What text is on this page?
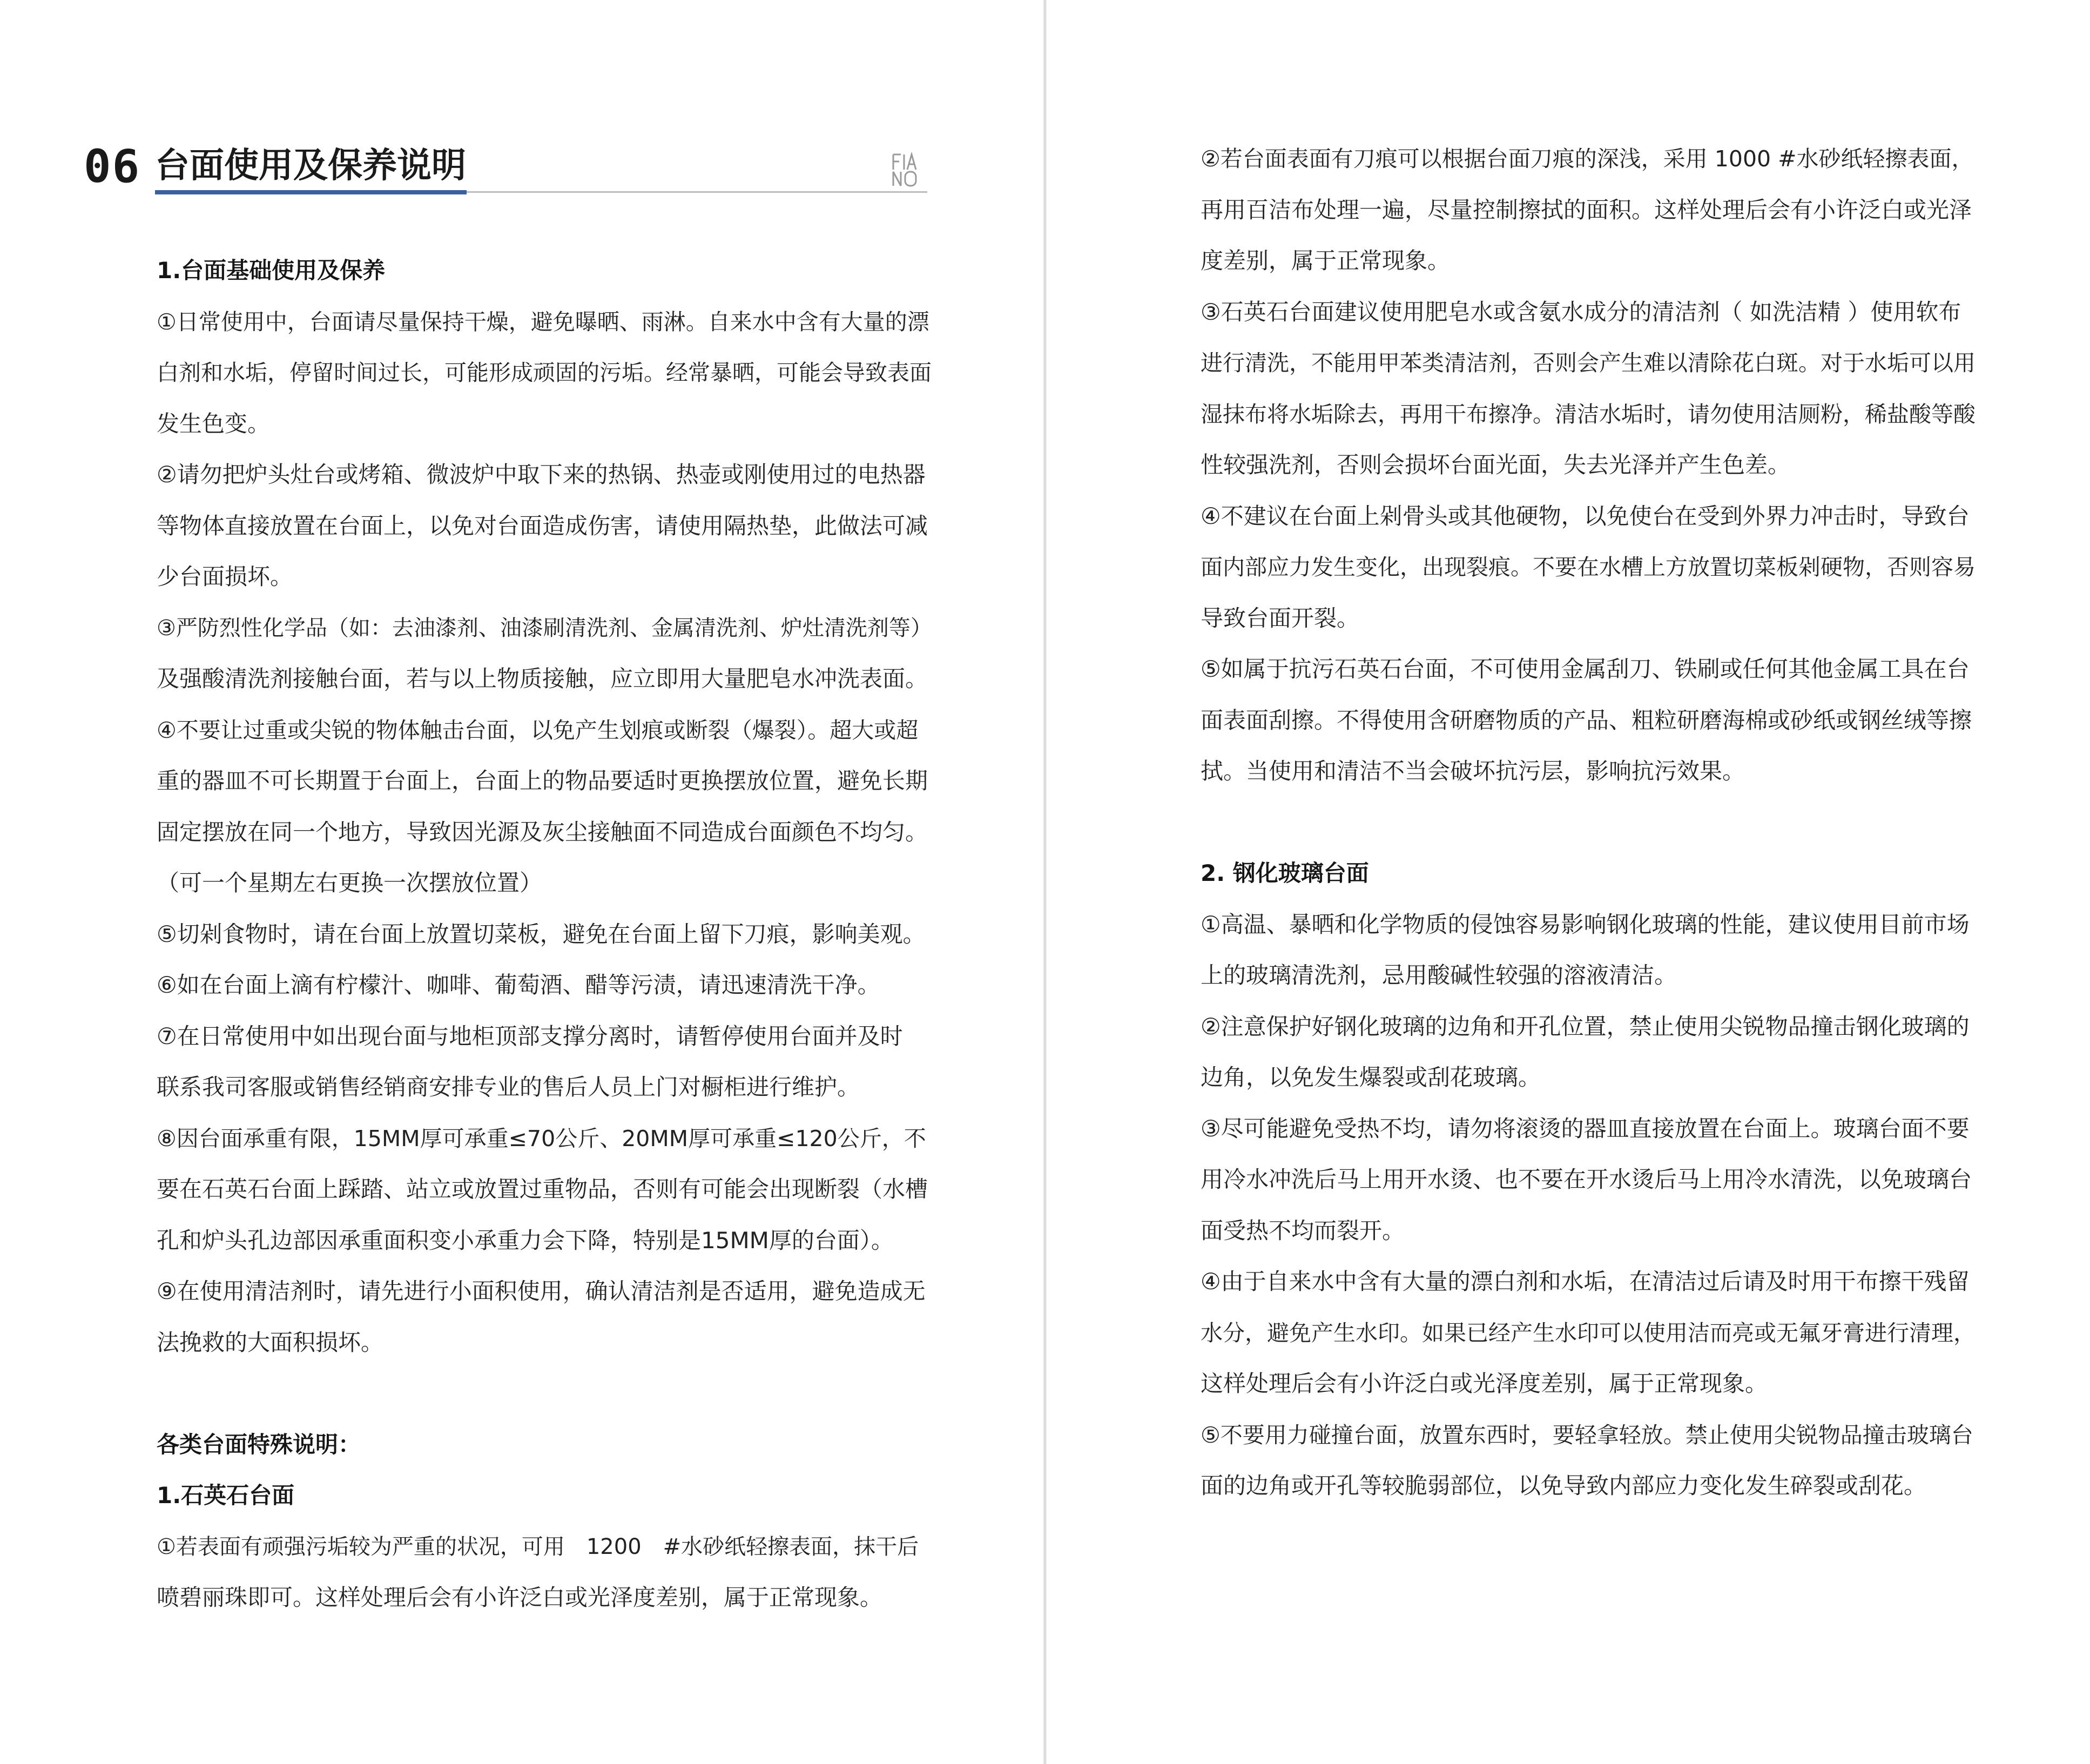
06 台面使用及保养说明
1.台面基础使用及保养
①日常使用中，台面请尽量保持干燥，避免曝晒、雨淋。自来水中含有大量的漂
白剂和水垢，停留时间过长，可能形成顽固的污垢。经常暴晒，可能会导致表面
发生色变。
②请勿把炉头灶台或烤箱、微波炉中取下来的热锅、热壶或刚使用过的电热器
等物体直接放置在台面上，以免对台面造成伤害，请使用隔热垫，此做法可减
少台面损坏。
③严防烈性化学品（如：去油漆剂、油漆刷清洗剂、金属清洗剂、炉灶清洗剂等）
及强酸清洗剂接触台面，若与以上物质接触，应立即用大量肥皂水冲洗表面。
④不要让过重或尖锐的物体触击台面，以免产生划痕或断裂（爆裂）。超大或超
重的器皿不可长期置于台面上，台面上的物品要适时更换摆放位置，避免长期
固定摆放在同一个地方，导致因光源及灰尘接触面不同造成台面颜色不均匀。
（可一个星期左右更换一次摆放位置）
⑤切剁食物时，请在台面上放置切菜板，避免在台面上留下刀痕，影响美观。
⑥如在台面上滴有柠檬汁、咖啡、葡萄酒、醋等污渍，请迅速清洗干净。
⑦在日常使用中如出现台面与地柜顶部支撑分离时，请暂停使用台面并及时
联系我司客服或销售经销商安排专业的售后人员上门对橱柜进行维护。
⑧因台面承重有限，15MM厚可承重≤70公斤、20MM厚可承重≤120公斤，不
要在石英石台面上踩踏、站立或放置过重物品，否则有可能会出现断裂（水槽
孔和炉头孔边部因承重面积变小承重力会下降，特别是15MM厚的台面）。
⑨在使用清洁剂时，请先进行小面积使用，确认清洁剂是否适用，避免造成无
法挽救的大面积损坏。
各类台面特殊说明：
1.石英石台面
①若表面有顽强污垢较为严重的状况，可用　1200　#水砂纸轻擦表面，抹干后
喷碧丽珠即可。这样处理后会有小许泛白或光泽度差别，属于正常现象。
②若台面表面有刀痕可以根据台面刀痕的深浅，采用 1000 #水砂纸轻擦表面，
再用百洁布处理一遍，尽量控制擦拭的面积。这样处理后会有小许泛白或光泽
度差别，属于正常现象。
③石英石台面建议使用肥皂水或含氨水成分的清洁剂（ 如洗洁精 ）使用软布
进行清洗，不能用甲苯类清洁剂，否则会产生难以清除花白斑。对于水垢可以用
湿抹布将水垢除去，再用干布擦净。清洁水垢时，请勿使用洁厕粉，稀盐酸等酸
性较强洗剂，否则会损坏台面光面，失去光泽并产生色差。
④不建议在台面上剁骨头或其他硬物，以免使台在受到外界力冲击时，导致台
面内部应力发生变化，出现裂痕。不要在水槽上方放置切菜板剁硬物，否则容易
导致台面开裂。
⑤如属于抗污石英石台面，不可使用金属刮刀、铁刷或任何其他金属工具在台
面表面刮擦。不得使用含研磨物质的产品、粗粒研磨海棉或砂纸或钢丝绒等擦
拭。当使用和清洁不当会破坏抗污层，影响抗污效果。
2. 钢化玻璃台面
①高温、暴晒和化学物质的侵蚀容易影响钢化玻璃的性能，建议使用目前市场
上的玻璃清洗剂，忌用酸碱性较强的溶液清洁。
②注意保护好钢化玻璃的边角和开孔位置，禁止使用尖锐物品撞击钢化玻璃的
边角，以免发生爆裂或刮花玻璃。
③尽可能避免受热不均，请勿将滚烫的器皿直接放置在台面上。玻璃台面不要
用冷水冲洗后马上用开水烫、也不要在开水烫后马上用冷水清洗，以免玻璃台
面受热不均而裂开。
④由于自来水中含有大量的漂白剂和水垢，在清洁过后请及时用干布擦干残留
水分，避免产生水印。如果已经产生水印可以使用洁而亮或无氟牙膏进行清理，
这样处理后会有小许泛白或光泽度差别，属于正常现象。
⑤不要用力碰撞台面，放置东西时，要轻拿轻放。禁止使用尖锐物品撞击玻璃台
面的边角或开孔等较脆弱部位，以免导致内部应力变化发生碎裂或刮花。
